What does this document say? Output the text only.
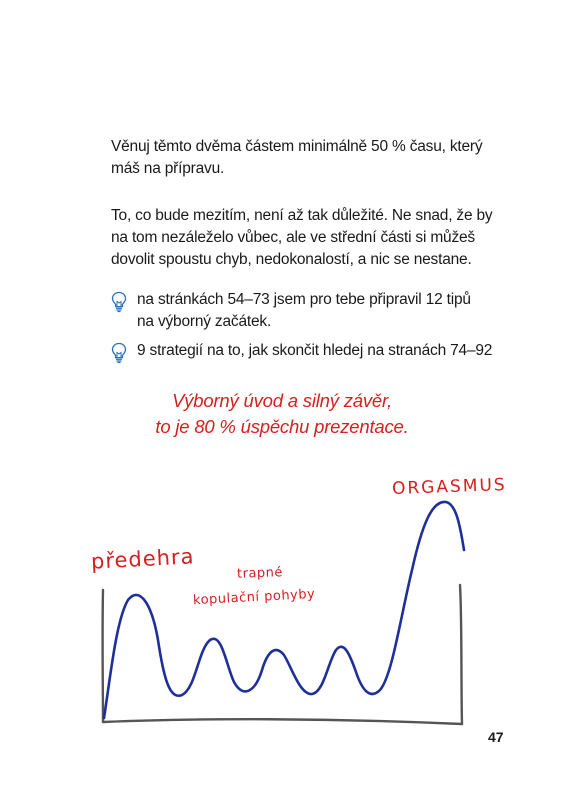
Věnuj těmto dvěma částem minimálně 50 % času, který
máš na přípravu.
To, co bude mezitím, není až tak důležité. Ne snad, že by
na tom nezáleželo vůbec, ale ve střední části si můžeš
dovolit spoustu chyb, nedokonalostí, a nic se nestane.
na stránkách 54–73 jsem pro tebe připravil 12 tipů
na výborný začátek.
9 strategií na to, jak skončit hledej na stranách 74–92
Výborný úvod a silný závěr,
to je 80 % úspěchu prezentace.
předehra	trapné
kopulační pohyby
ORGASMUS
47
